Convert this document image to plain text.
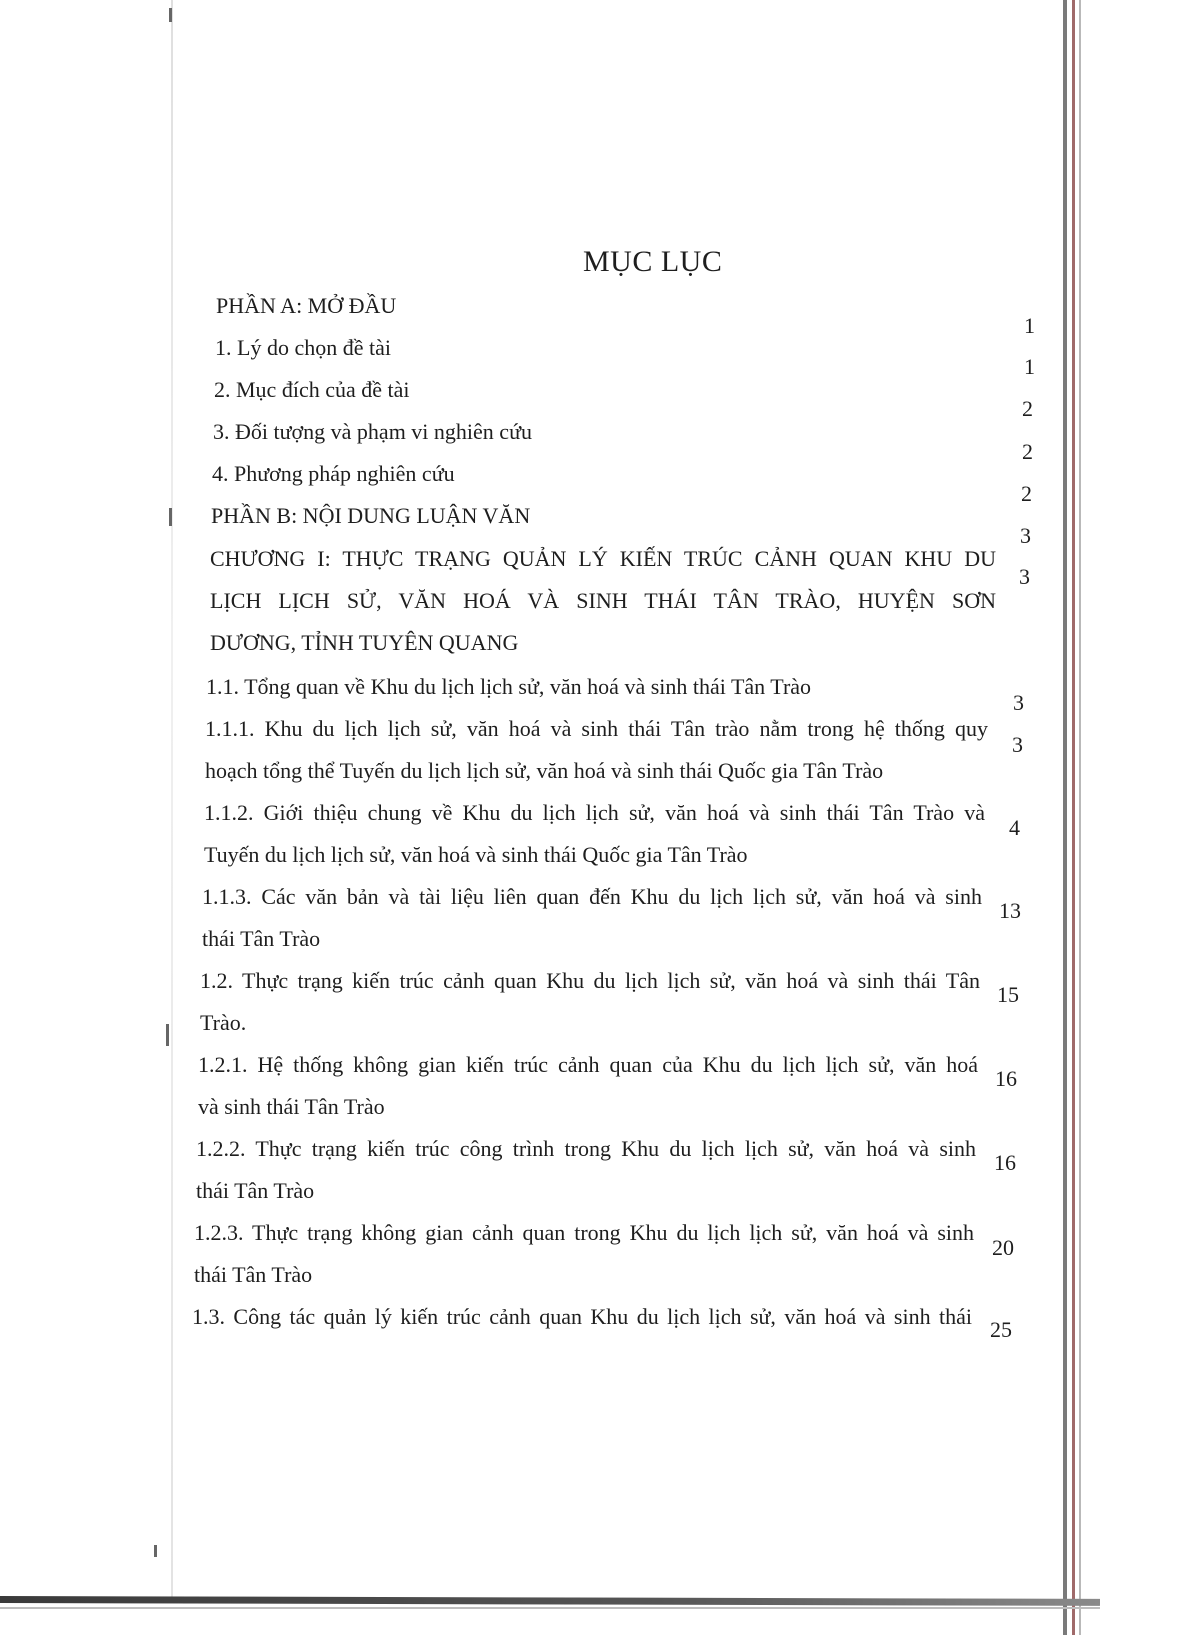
MỤC LỤC
PHẦN A: MỞ ĐẦU
1
1. Lý do chọn đề tài
1
2. Mục đích của đề tài
2
3. Đối tượng và phạm vi nghiên cứu
2
4. Phương pháp nghiên cứu
2
PHẦN B: NỘI DUNG LUẬN VĂN
3
CHƯƠNG I: THỰC TRẠNG QUẢN LÝ KIẾN TRÚC CẢNH QUAN KHU DU
LỊCH LỊCH SỬ, VĂN HOÁ VÀ SINH THÁI TÂN TRÀO, HUYỆN SƠN
DƯƠNG, TỈNH TUYÊN QUANG
3
1.1. Tổng quan về Khu du lịch lịch sử, văn hoá và sinh thái Tân Trào
3
1.1.1. Khu du lịch lịch sử, văn hoá và sinh thái Tân trào nằm trong hệ thống quy
hoạch tổng thể Tuyến du lịch lịch sử, văn hoá và sinh thái Quốc gia Tân Trào
3
1.1.2. Giới thiệu chung về Khu du lịch lịch sử, văn hoá và sinh thái Tân Trào và
Tuyến du lịch lịch sử, văn hoá và sinh thái Quốc gia Tân Trào
4
1.1.3. Các văn bản và tài liệu liên quan đến Khu du lịch lịch sử, văn hoá và sinh
thái Tân Trào
13
1.2. Thực trạng kiến trúc cảnh quan Khu du lịch lịch sử, văn hoá và sinh thái Tân
Trào.
15
1.2.1. Hệ thống không gian kiến trúc cảnh quan của Khu du lịch lịch sử, văn hoá
và sinh thái Tân Trào
16
1.2.2. Thực trạng kiến trúc công trình trong Khu du lịch lịch sử, văn hoá và sinh
thái Tân Trào
16
1.2.3. Thực trạng không gian cảnh quan trong Khu du lịch lịch sử, văn hoá và sinh
thái Tân Trào
20
1.3. Công tác quản lý kiến trúc cảnh quan Khu du lịch lịch sử, văn hoá và sinh thái
25
